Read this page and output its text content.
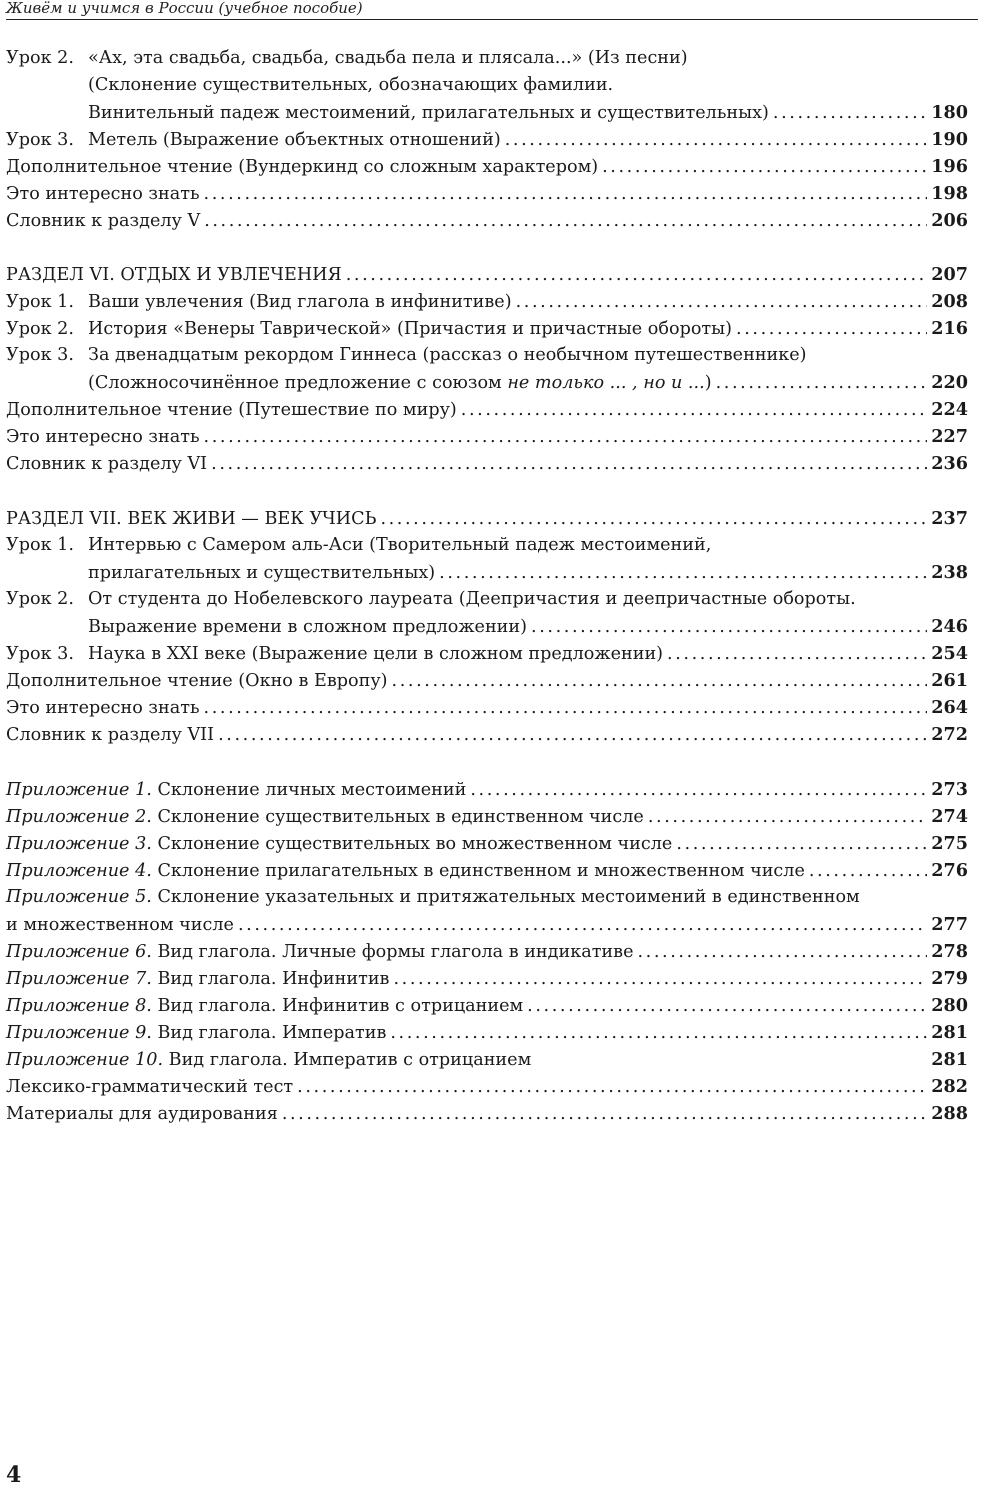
Живём и учимся в России (учебное пособие)
Урок 2. «Ах, эта свадьба, свадьба, свадьба пела и плясала...» (Из песни)
(Склонение существительных, обозначающих фамилии.
Винительный падеж местоимений, прилагательных и существительных) . . .	180
Урок 3. Метель (Выражение объектных отношений) . . .	190
Дополнительное чтение (Вундеркинд со сложным характером) . . .	196
Это интересно знать . . .	198
Словник к разделу V . . .	206
РАЗДЕЛ VI. ОТДЫХ И УВЛЕЧЕНИЯ . . .	207
Урок 1. Ваши увлечения (Вид глагола в инфинитиве) . . .	208
Урок 2. История «Венеры Таврической» (Причастия и причастные обороты) . . .	216
Урок 3. За двенадцатым рекордом Гиннеса (рассказ о необычном путешественнике)
(Сложносочинённое предложение с союзом не только ... , но и ...) . . .	220
Дополнительное чтение (Путешествие по миру) . . .	224
Это интересно знать . . .	227
Словник к разделу VI . . .	236
РАЗДЕЛ VII. ВЕК ЖИВИ — ВЕК УЧИСЬ . . .	237
Урок 1. Интервью с Самером аль-Аси (Творительный падеж местоимений,
прилагательных и существительных) . . .	238
Урок 2. От студента до Нобелевского лауреата (Деепричастия и деепричастные обороты.
Выражение времени в сложном предложении) . . .	246
Урок 3. Наука в XXI веке (Выражение цели в сложном предложении) . . .	254
Дополнительное чтение (Окно в Европу) . . .	261
Это интересно знать . . .	264
Словник к разделу VII . . .	272
Приложение 1. Склонение личных местоимений . . .	273
Приложение 2. Склонение существительных в единственном числе . . .	274
Приложение 3. Склонение существительных во множественном числе . . .	275
Приложение 4. Склонение прилагательных в единственном и множественном числе . . .	276
Приложение 5. Склонение указательных и притяжательных местоимений в единственном
и множественном числе . . .	277
Приложение 6. Вид глагола. Личные формы глагола в индикативе . . .	278
Приложение 7. Вид глагола. Инфинитив . . .	279
Приложение 8. Вид глагола. Инфинитив с отрицанием . . .	280
Приложение 9. Вид глагола. Императив . . .	281
Приложение 10. Вид глагола. Императив с отрицанием	281
Лексико-грамматический тест . . .	282
Материалы для аудирования . . .	288
4
